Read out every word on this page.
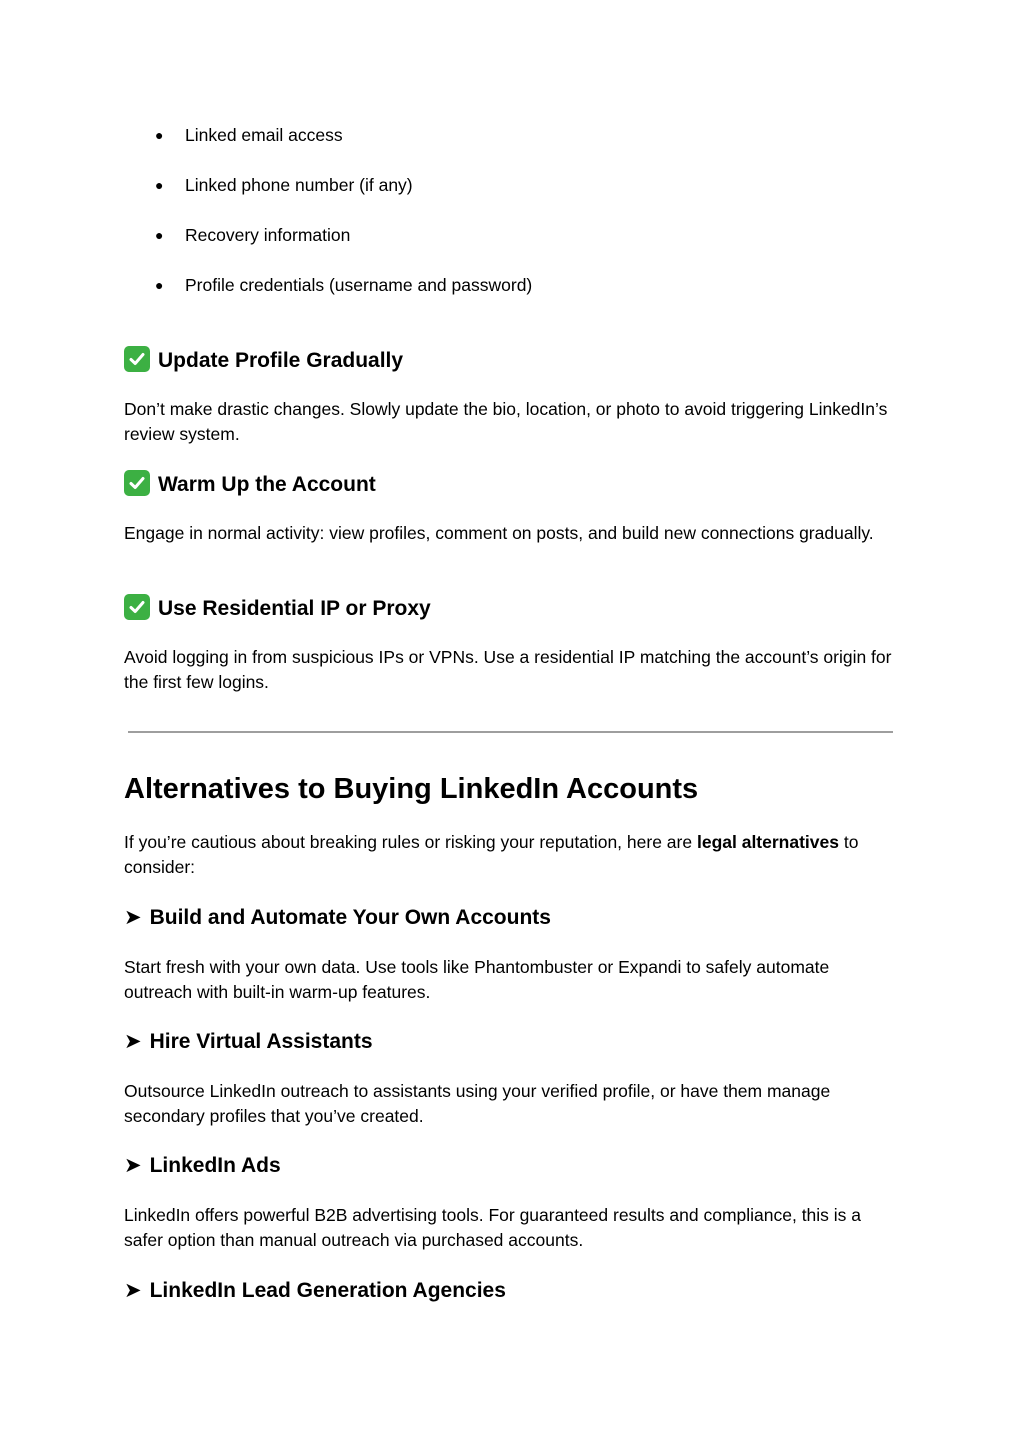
●	Linked email access
●	Linked phone number (if any)
●	Recovery information
●	Profile credentials (username and password)
Update Profile Gradually
Don’t make drastic changes. Slowly update the bio, location, or photo to avoid triggering LinkedIn’s review system.
Warm Up the Account
Engage in normal activity: view profiles, comment on posts, and build new connections gradually.
Use Residential IP or Proxy
Avoid logging in from suspicious IPs or VPNs. Use a residential IP matching the account’s origin for the first few logins.
Alternatives to Buying LinkedIn Accounts
If you’re cautious about breaking rules or risking your reputation, here are legal alternatives to consider:
➤ Build and Automate Your Own Accounts
Start fresh with your own data. Use tools like Phantombuster or Expandi to safely automate outreach with built-in warm-up features.
➤ Hire Virtual Assistants
Outsource LinkedIn outreach to assistants using your verified profile, or have them manage secondary profiles that you’ve created.
➤ LinkedIn Ads
LinkedIn offers powerful B2B advertising tools. For guaranteed results and compliance, this is a safer option than manual outreach via purchased accounts.
➤ LinkedIn Lead Generation Agencies
